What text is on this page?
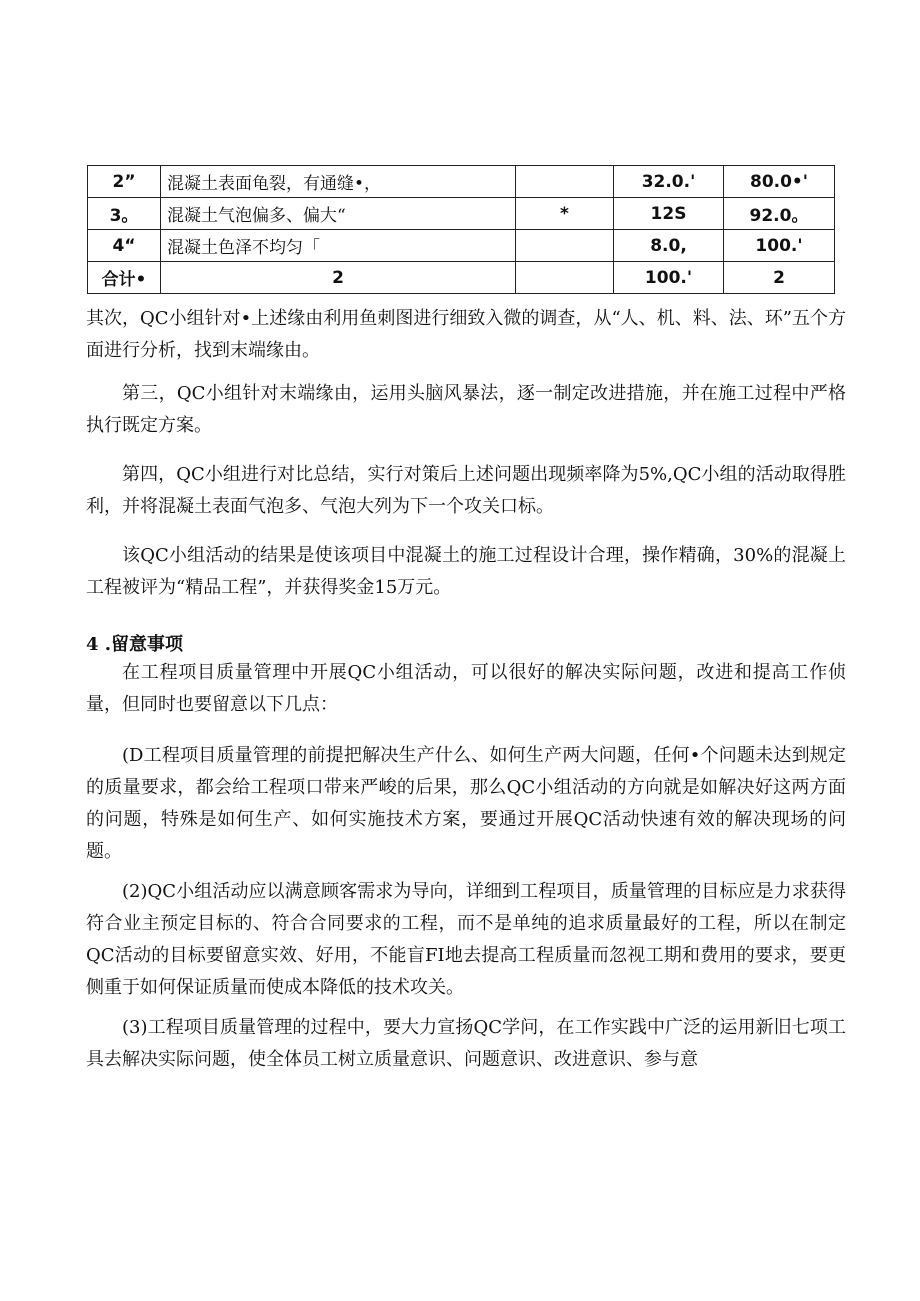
2”	混凝土表面龟裂，有通缝•，		32.0.'	80.0•'
3。	混凝土气泡偏多、偏大“	*	12S	92.0。
4“	混凝土色泽不均匀「		8.0,	100.'
合计•	2		100.'	2

其次，QC小组针对•上述缘由利用鱼刺图进行细致入微的调查，从“人、机、料、法、环”五个方面进行分析，找到末端缘由。

第三，QC小组针对末端缘由，运用头脑风暴法，逐一制定改进措施，并在施工过程中严格执行既定方案。

第四，QC小组进行对比总结，实行对策后上述问题出现频率降为5%,QC小组的活动取得胜利，并将混凝土表面气泡多、气泡大列为下一个攻关口标。

该QC小组活动的结果是使该项目中混凝土的施工过程设计合理，操作精确，30%的混凝上工程被评为“精品工程”，并获得奖金15万元。

4 .留意事项

在工程项目质量管理中开展QC小组活动，可以很好的解决实际问题，改进和提高工作侦量，但同时也要留意以下几点：

(D工程项目质量管理的前提把解决生产什么、如何生产两大问题，任何•个问题未达到规定的质量要求，都会给工程项口带来严峻的后果，那么QC小组活动的方向就是如解决好这两方面的问题，特殊是如何生产、如何实施技术方案，要通过开展QC活动快速有效的解决现场的问题。

(2)QC小组活动应以满意顾客需求为导向，详细到工程项目，质量管理的目标应是力求获得符合业主预定目标的、符合合同要求的工程，而不是单纯的追求质量最好的工程，所以在制定QC活动的目标要留意实效、好用，不能盲FI地去提高工程质量而忽视工期和费用的要求，要更侧重于如何保证质量而使成本降低的技术攻关。

(3)工程项目质量管理的过程中，要大力宣扬QC学问，在工作实践中广泛的运用新旧七项工具去解决实际问题，使全体员工树立质量意识、问题意识、改进意识、参与意
